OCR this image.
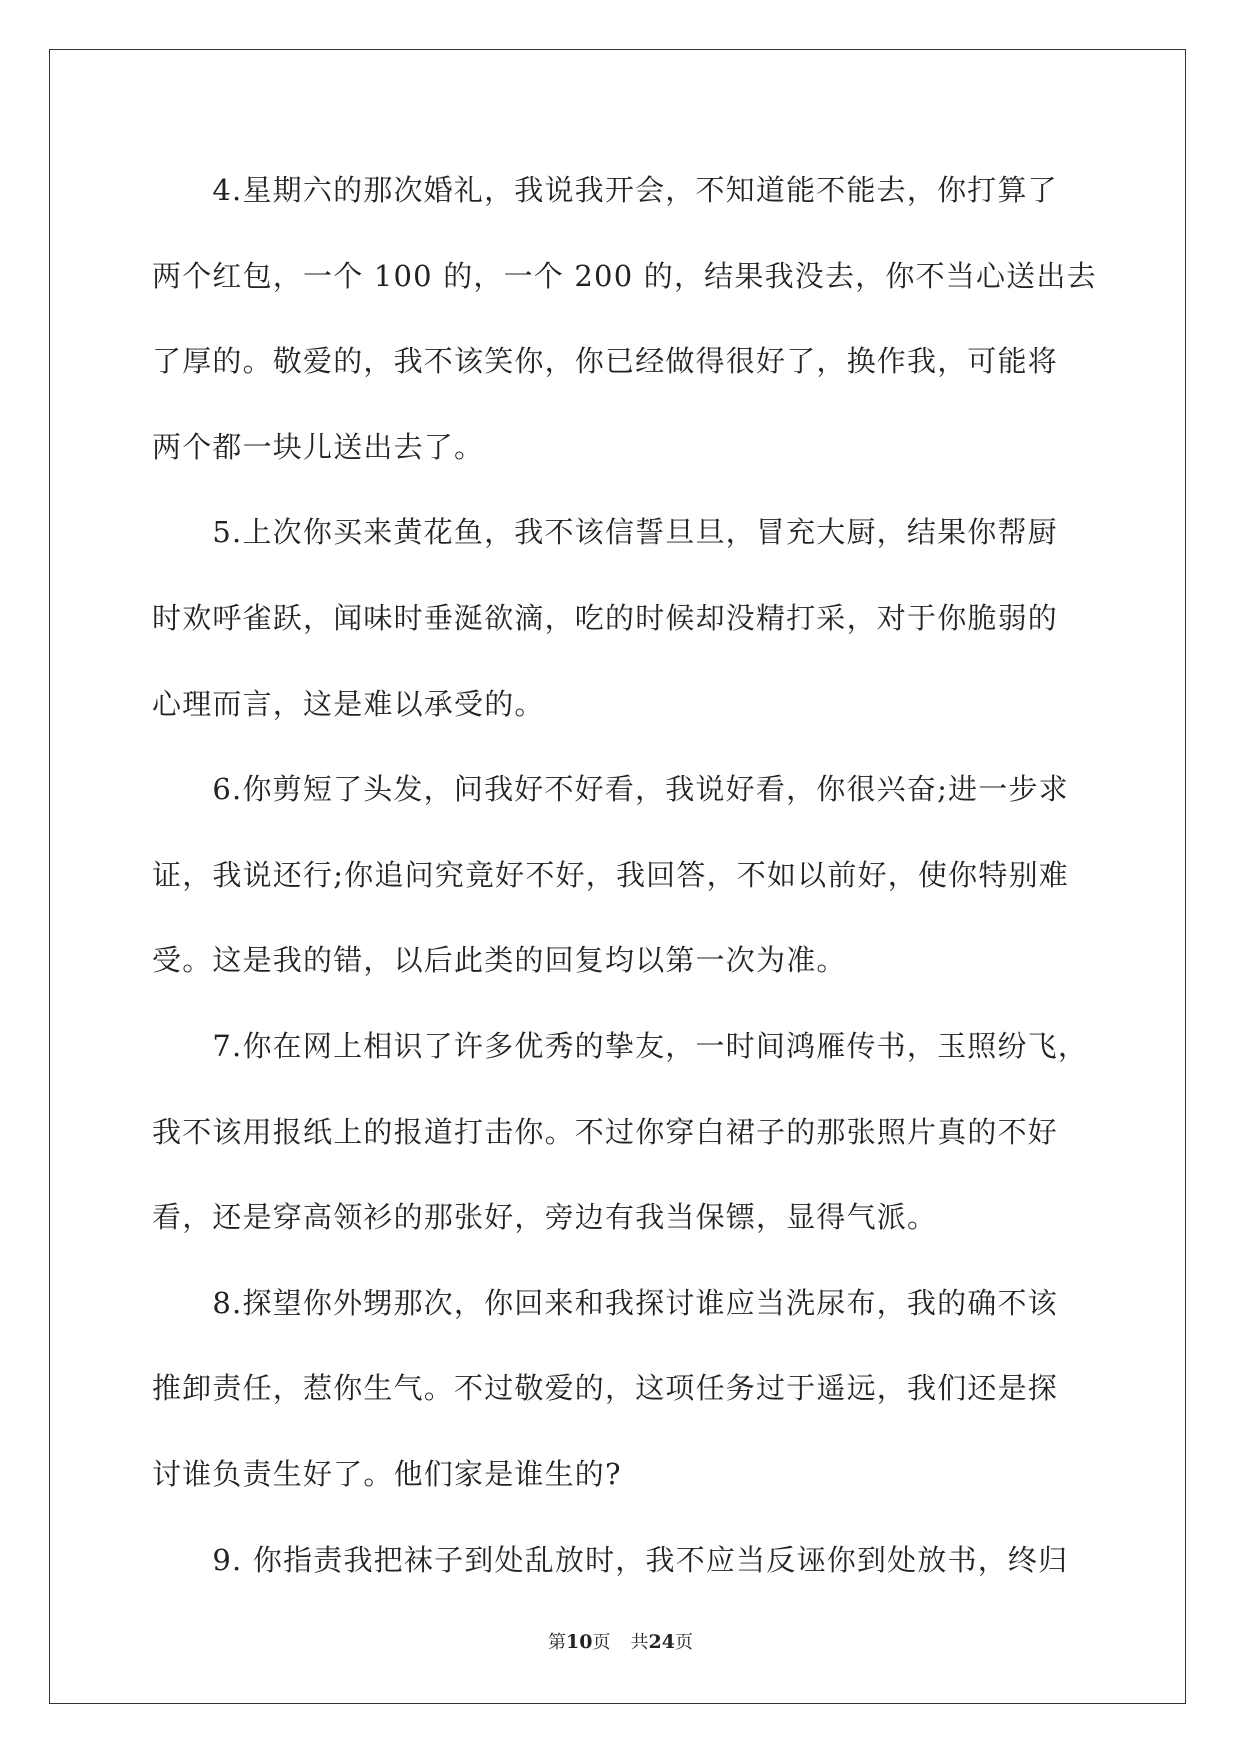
　　4.星期六的那次婚礼，我说我开会，不知道能不能去，你打算了

两个红包，一个 100 的，一个 200 的，结果我没去，你不当心送出去

了厚的。敬爱的，我不该笑你，你已经做得很好了，换作我，可能将

两个都一块儿送出去了。

　　5.上次你买来黄花鱼，我不该信誓旦旦，冒充大厨，结果你帮厨

时欢呼雀跃，闻味时垂涎欲滴，吃的时候却没精打采，对于你脆弱的

心理而言，这是难以承受的。

　　6.你剪短了头发，问我好不好看，我说好看，你很兴奋;进一步求

证，我说还行;你追问究竟好不好，我回答，不如以前好，使你特别难

受。这是我的错，以后此类的回复均以第一次为准。

　　7.你在网上相识了许多优秀的挚友，一时间鸿雁传书，玉照纷飞，

我不该用报纸上的报道打击你。不过你穿白裙子的那张照片真的不好

看，还是穿高领衫的那张好，旁边有我当保镖，显得气派。

　　8.探望你外甥那次，你回来和我探讨谁应当洗尿布，我的确不该

推卸责任，惹你生气。不过敬爱的，这项任务过于遥远，我们还是探

讨谁负责生好了。他们家是谁生的?

　　9. 你指责我把袜子到处乱放时，我不应当反诬你到处放书，终归

第10页 共24页
